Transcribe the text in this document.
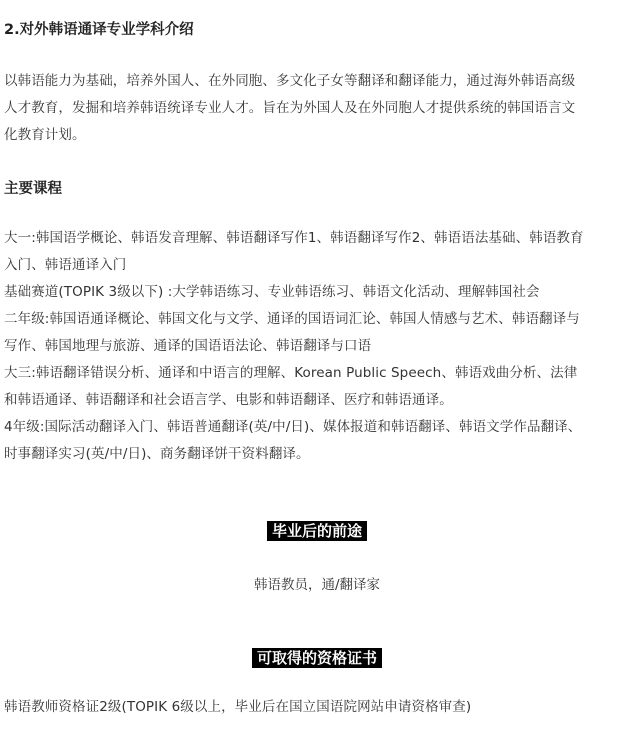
2.对外韩语通译专业学科介绍
以韩语能力为基础，培养外国人、在外同胞、多文化子女等翻译和翻译能力，通过海外韩语高级
人才教育，发掘和培养韩语统译专业人才。旨在为外国人及在外同胞人才提供系统的韩国语言文
化教育计划。
主要课程
大一:韩国语学概论、韩语发音理解、韩语翻译写作1、韩语翻译写作2、韩语语法基础、韩语教育
入门、韩语通译入门
基础赛道(TOPIK 3级以下) :大学韩语练习、专业韩语练习、韩语文化活动、理解韩国社会
二年级:韩国语通译概论、韩国文化与文学、通译的国语词汇论、韩国人情感与艺术、韩语翻译与
写作、韩国地理与旅游、通译的国语语法论、韩语翻译与口语
大三:韩语翻译错误分析、通译和中语言的理解、Korean Public Speech、韩语戏曲分析、法律
和韩语通译、韩语翻译和社会语言学、电影和韩语翻译、医疗和韩语通译。
4年级:国际活动翻译入门、韩语普通翻译(英/中/日)、媒体报道和韩语翻译、韩语文学作品翻译、
时事翻译实习(英/中/日)、商务翻译饼干资料翻译。
毕业后的前途
韩语教员，通/翻译家
可取得的资格证书
韩语教师资格证2级(TOPIK 6级以上，毕业后在国立国语院网站申请资格审查)
